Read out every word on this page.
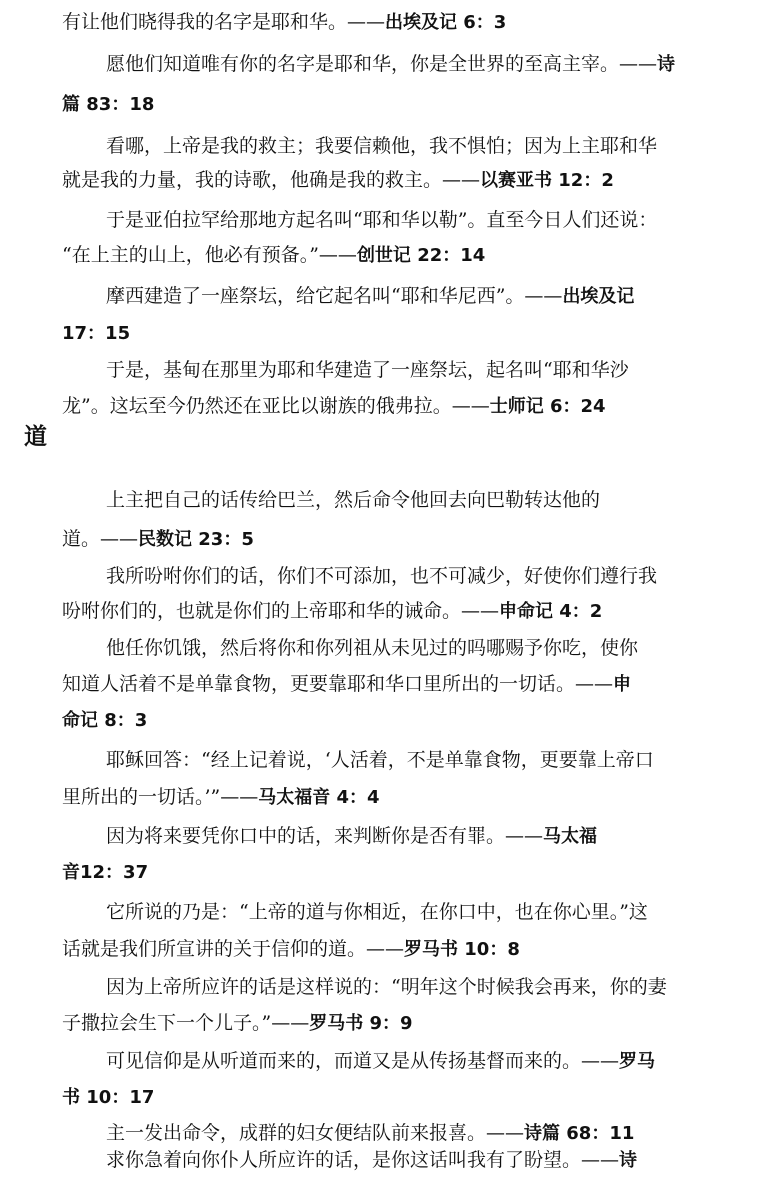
有让他们晓得我的名字是耶和华。——出埃及记 6：3

愿他们知道唯有你的名字是耶和华，你是全世界的至高主宰。——诗

篇 83：18

看哪，上帝是我的救主；我要信赖他，我不惧怕；因为上主耶和华

就是我的力量，我的诗歌，他确是我的救主。——以赛亚书 12：2

于是亚伯拉罕给那地方起名叫“耶和华以勒”。直至今日人们还说：

“在上主的山上，他必有预备。”——创世记 22：14

摩西建造了一座祭坛，给它起名叫“耶和华尼西”。——出埃及记

17：15

于是，基甸在那里为耶和华建造了一座祭坛，起名叫“耶和华沙

龙”。这坛至今仍然还在亚比以谢族的俄弗拉。——士师记 6：24

道

上主把自己的话传给巴兰，然后命令他回去向巴勒转达他的

道。——民数记 23：5

我所吩咐你们的话，你们不可添加，也不可减少，好使你们遵行我

吩咐你们的，也就是你们的上帝耶和华的诫命。——申命记 4：2

他任你饥饿，然后将你和你列祖从未见过的吗哪赐予你吃，使你

知道人活着不是单靠食物，更要靠耶和华口里所出的一切话。——申

命记 8：3

耶稣回答：“经上记着说，‘人活着，不是单靠食物，更要靠上帝口

里所出的一切话。’”——马太福音 4：4

因为将来要凭你口中的话，来判断你是否有罪。——马太福

音12：37

它所说的乃是：“上帝的道与你相近，在你口中，也在你心里。”这

话就是我们所宣讲的关于信仰的道。——罗马书 10：8

因为上帝所应许的话是这样说的：“明年这个时候我会再来，你的妻

子撒拉会生下一个儿子。”——罗马书 9：9

可见信仰是从听道而来的，而道又是从传扬基督而来的。——罗马

书 10：17

主一发出命令，成群的妇女便结队前来报喜。——诗篇 68：11

求你急着向你仆人所应许的话，是你这话叫我有了盼望。——诗
